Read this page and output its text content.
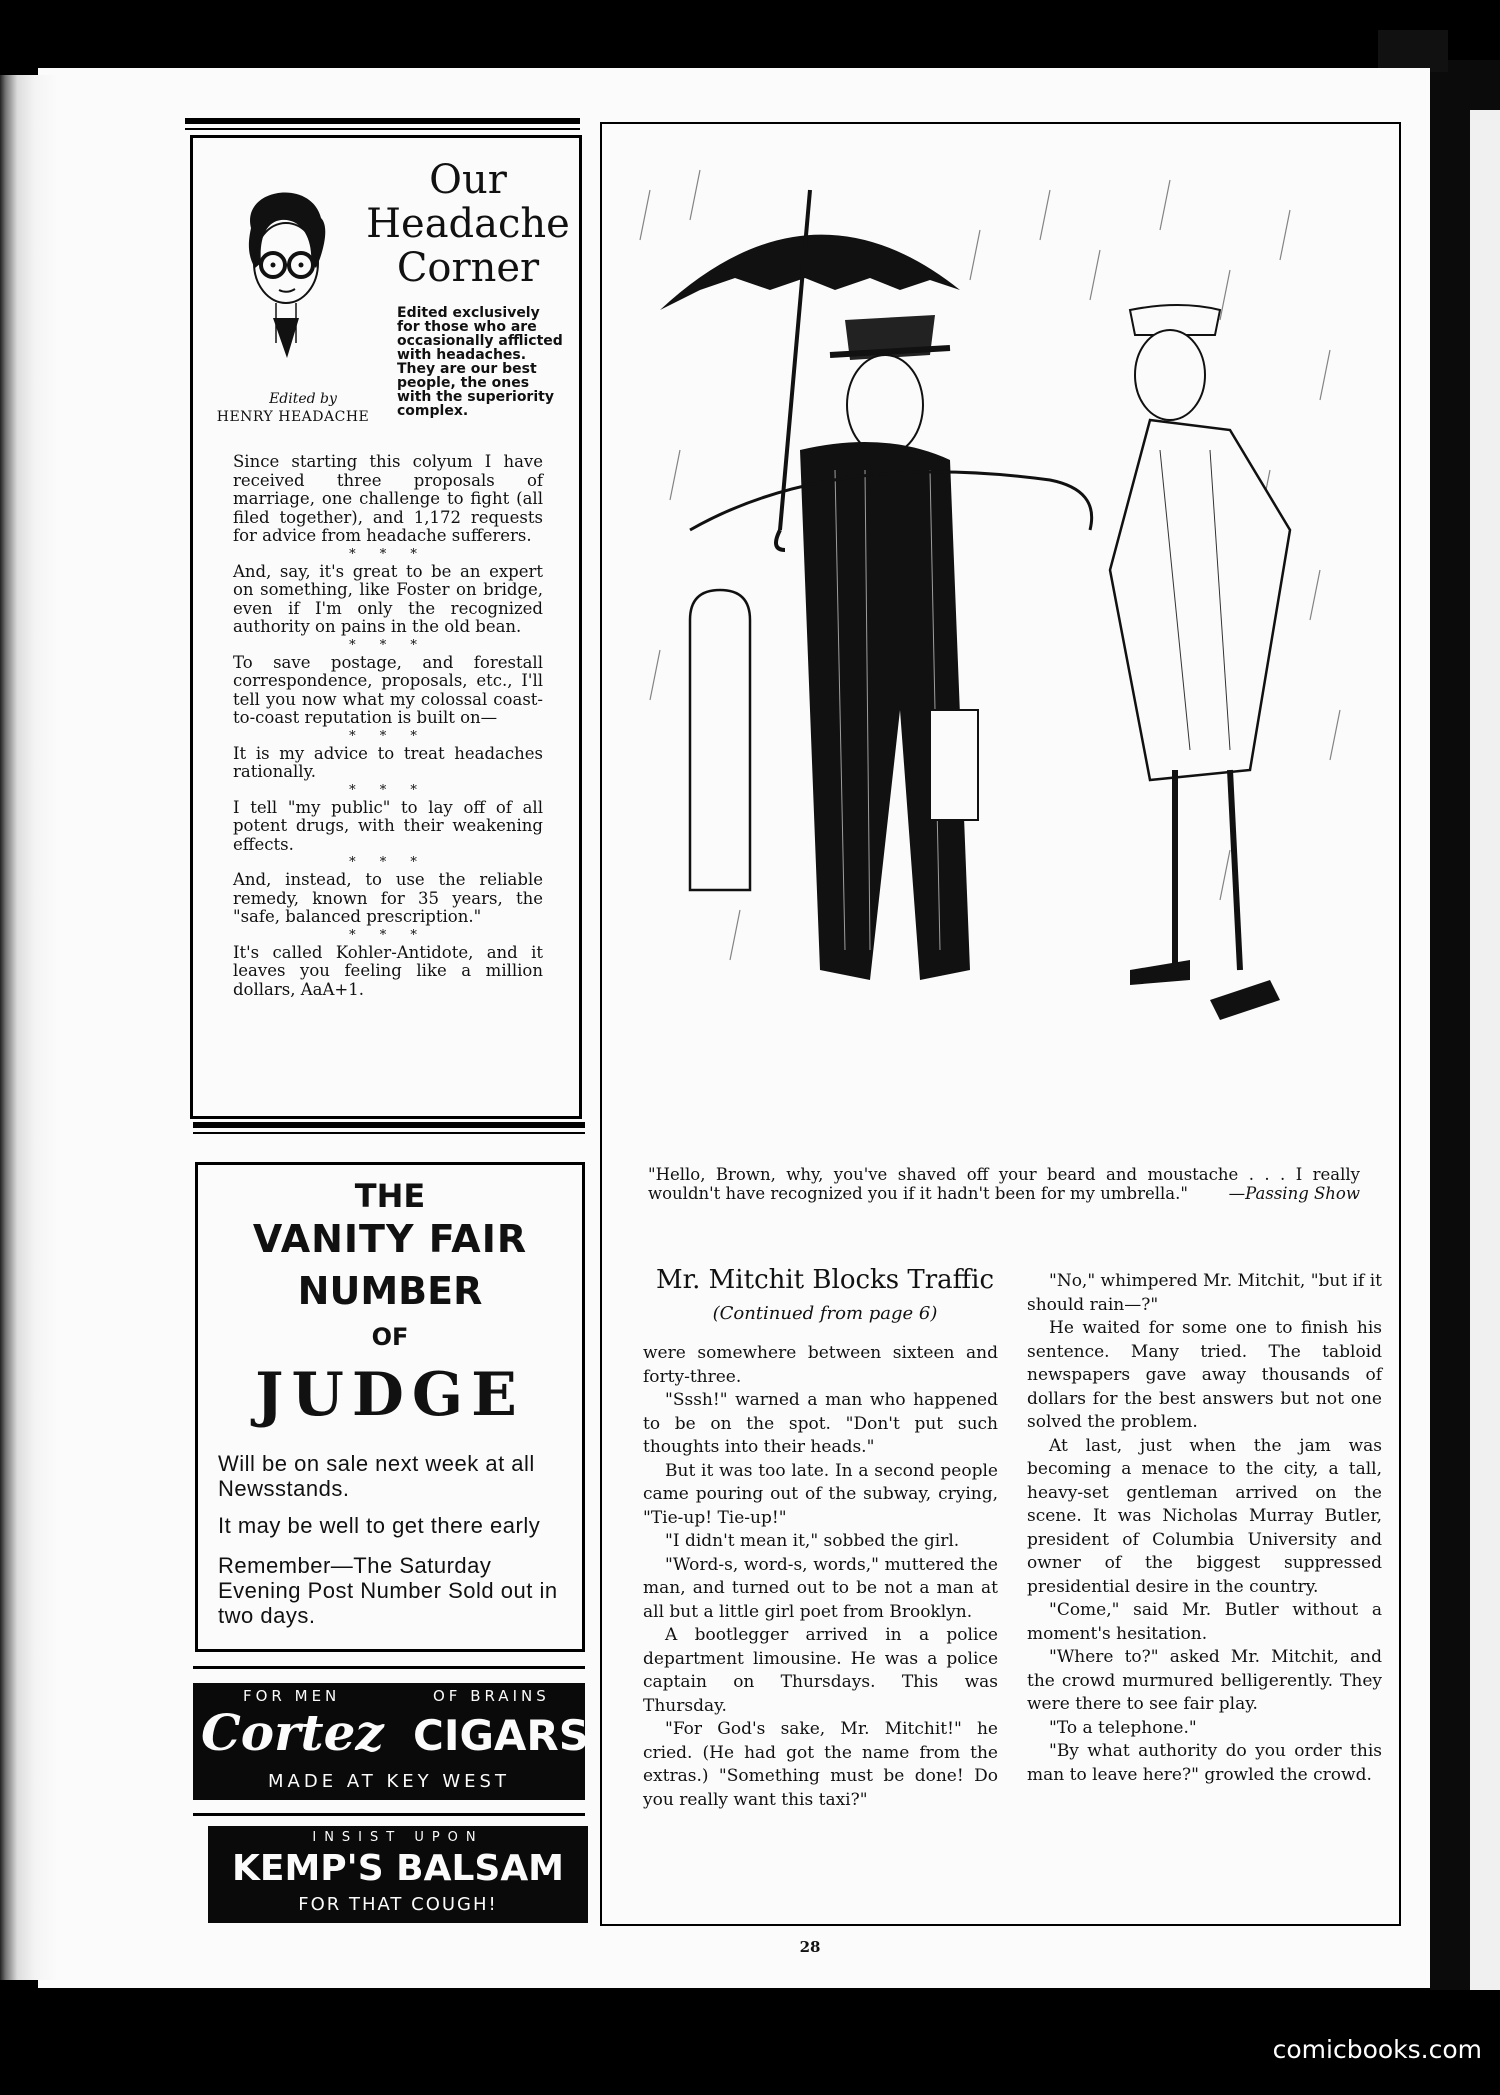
Our
Headache
Corner
Edited exclusively for those who are occasionally afflicted with headaches. They are our best people, the ones with the superiority complex.
Edited by
HENRY HEADACHE

Since starting this colyum I have received three proposals of marriage, one challenge to fight (all filed together), and 1,172 requests for advice from headache sufferers.

* * *

And, say, it's great to be an expert on something, like Foster on bridge, even if I'm only the recognized authority on pains in the old bean.

* * *

To save postage, and forestall correspondence, proposals, etc., I'll tell you now what my colossal coast-to-coast reputation is built on—

* * *

It is my advice to treat headaches rationally.

* * *

I tell "my public" to lay off of all potent drugs, with their weakening effects.

* * *

And, instead, to use the reliable remedy, known for 35 years, the "safe, balanced prescription."

* * *

It's called Kohler-Antidote, and it leaves you feeling like a million dollars, AaA+1.

THE
VANITY FAIR
NUMBER
OF
JUDGE
Will be on sale next week at all Newsstands.
It may be well to get there early
Remember—The Saturday Evening Post Number Sold out in two days.
FOR MEN	OF BRAINS
Cortez CIGARS
MADE AT KEY WEST
INSIST UPON
KEMP'S BALSAM
FOR THAT COUGH!
"Hello, Brown, why, you've shaved off your beard and moustache . . . I really wouldn't have recognized you if it hadn't been for my umbrella." —Passing Show
Mr. Mitchit Blocks Traffic
(Continued from page 6)

were somewhere between sixteen and forty-three.

"Sssh!" warned a man who happened to be on the spot. "Don't put such thoughts into their heads."

But it was too late. In a second people came pouring out of the subway, crying, "Tie-up! Tie-up!"

"I didn't mean it," sobbed the girl.

"Word-s, word-s, words," muttered the man, and turned out to be not a man at all but a little girl poet from Brooklyn.

A bootlegger arrived in a police department limousine. He was a police captain on Thursdays. This was Thursday.

"For God's sake, Mr. Mitchit!" he cried. (He had got the name from the extras.) "Something must be done! Do you really want this taxi?"

"No," whimpered Mr. Mitchit, "but if it should rain—?"

He waited for some one to finish his sentence. Many tried. The tabloid newspapers gave away thousands of dollars for the best answers but not one solved the problem.

At last, just when the jam was becoming a menace to the city, a tall, heavy-set gentleman arrived on the scene. It was Nicholas Murray Butler, president of Columbia University and owner of the biggest suppressed presidential desire in the country.

"Come," said Mr. Butler without a moment's hesitation.

"Where to?" asked Mr. Mitchit, and the crowd murmured belligerently. They were there to see fair play.

"To a telephone."

"By what authority do you order this man to leave here?" growled the crowd.

28
comicbooks.com
